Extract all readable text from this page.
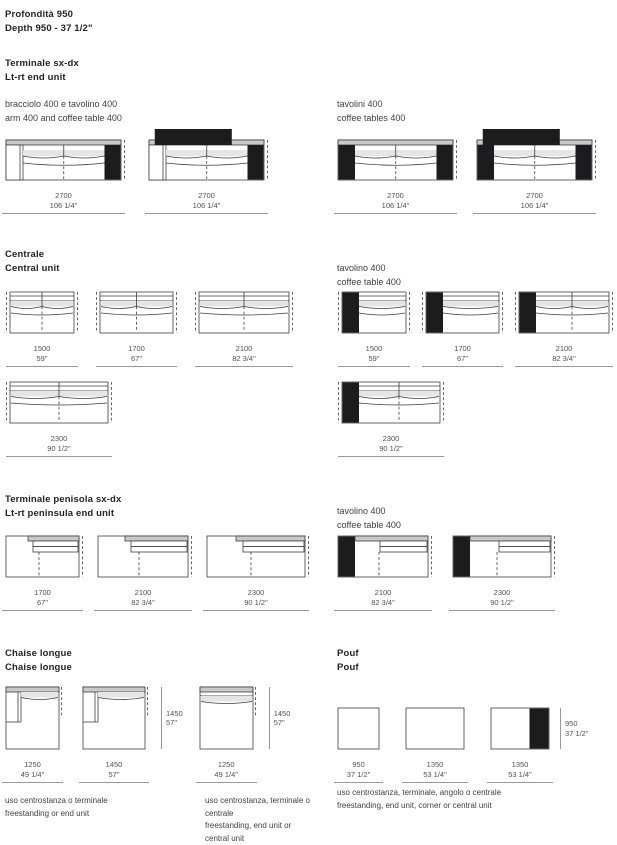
Profondità 950
Depth 950 - 37 1/2"
Terminale sx-dx
Lt-rt end unit
bracciolo 400 e tavolino 400
arm 400 and coffee table 400
tavolini 400
coffee tables 400
2700
106 1/4"
2700
106 1/4"
2700
106 1/4"
2700
106 1/4"
Centrale
Central unit	tavolino 400
coffee table 400
1500
59"
1700
67"
2100
82 3/4"
1500
59"
1700
67"
2100
82 3/4"
2300
90 1/2"
2300
90 1/2"
Terminale penisola sx-dx
Lt-rt peninsula end unit	tavolino 400
coffee table 400
1700
67"
2100
82 3/4"
2300
90 1/2"
2100
82 3/4"
2300
90 1/2"
Chaise longue
Chaise longue
Pouf
Pouf
1250
49 1/4"
1450
57"
1450
57"
1250
49 1/4"
1450
57"
950
37 1/2"
1350
53 1/4"
1350
53 1/4"
950
37 1/2"
uso centrostanza o terminale
freestanding or end unit
uso centrostanza, terminale o centrale
freestanding, end unit or central unit
uso centrostanza, terminale, angolo o centrale
freestanding, end unit, corner or central unit
